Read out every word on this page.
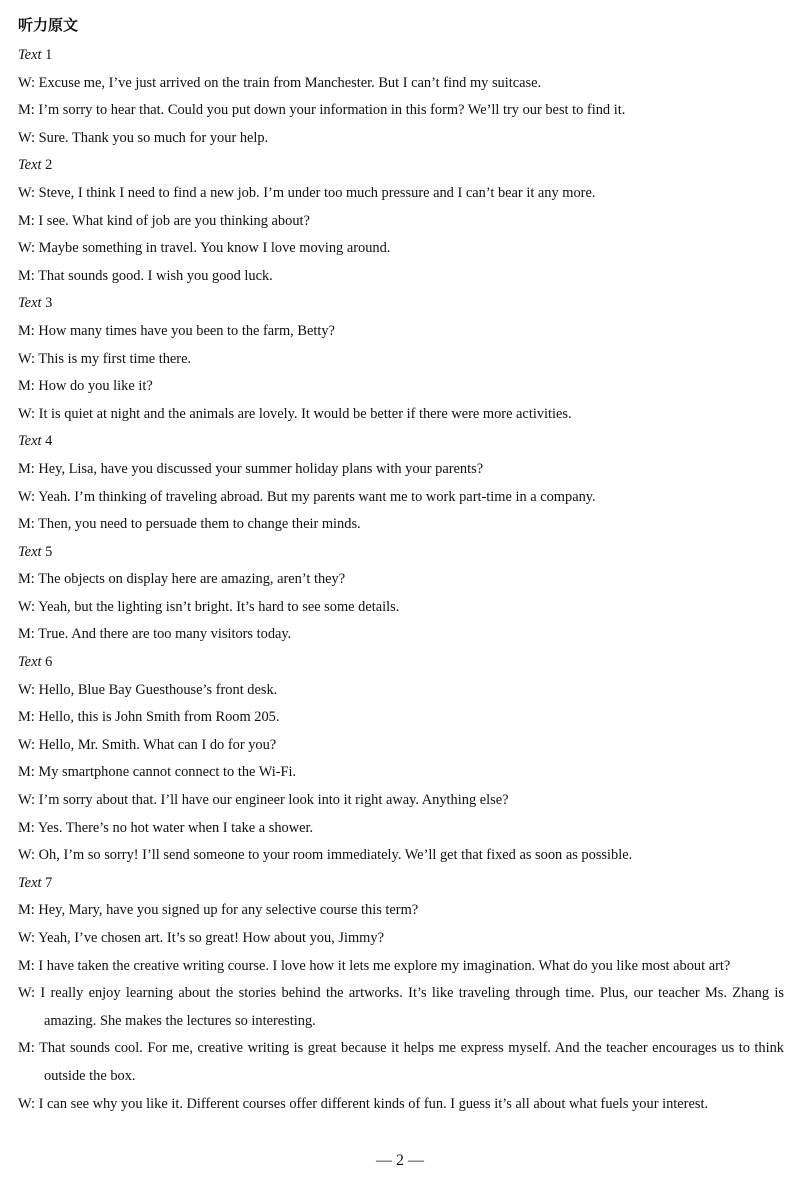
听力原文
Text 1
W: Excuse me, I’ve just arrived on the train from Manchester. But I can’t find my suitcase.
M: I’m sorry to hear that. Could you put down your information in this form? We’ll try our best to find it.
W: Sure. Thank you so much for your help.
Text 2
W: Steve, I think I need to find a new job. I’m under too much pressure and I can’t bear it any more.
M: I see. What kind of job are you thinking about?
W: Maybe something in travel. You know I love moving around.
M: That sounds good. I wish you good luck.
Text 3
M: How many times have you been to the farm, Betty?
W: This is my first time there.
M: How do you like it?
W: It is quiet at night and the animals are lovely. It would be better if there were more activities.
Text 4
M: Hey, Lisa, have you discussed your summer holiday plans with your parents?
W: Yeah. I’m thinking of traveling abroad. But my parents want me to work part-time in a company.
M: Then, you need to persuade them to change their minds.
Text 5
M: The objects on display here are amazing, aren’t they?
W: Yeah, but the lighting isn’t bright. It’s hard to see some details.
M: True. And there are too many visitors today.
Text 6
W: Hello, Blue Bay Guesthouse’s front desk.
M: Hello, this is John Smith from Room 205.
W: Hello, Mr. Smith. What can I do for you?
M: My smartphone cannot connect to the Wi-Fi.
W: I’m sorry about that. I’ll have our engineer look into it right away. Anything else?
M: Yes. There’s no hot water when I take a shower.
W: Oh, I’m so sorry! I’ll send someone to your room immediately. We’ll get that fixed as soon as possible.
Text 7
M: Hey, Mary, have you signed up for any selective course this term?
W: Yeah, I’ve chosen art. It’s so great! How about you, Jimmy?
M: I have taken the creative writing course. I love how it lets me explore my imagination. What do you like most about art?
W: I really enjoy learning about the stories behind the artworks. It’s like traveling through time. Plus, our teacher Ms. Zhang is amazing. She makes the lectures so interesting.
M: That sounds cool. For me, creative writing is great because it helps me express myself. And the teacher encourages us to think outside the box.
W: I can see why you like it. Different courses offer different kinds of fun. I guess it’s all about what fuels your interest.
— 2 —
